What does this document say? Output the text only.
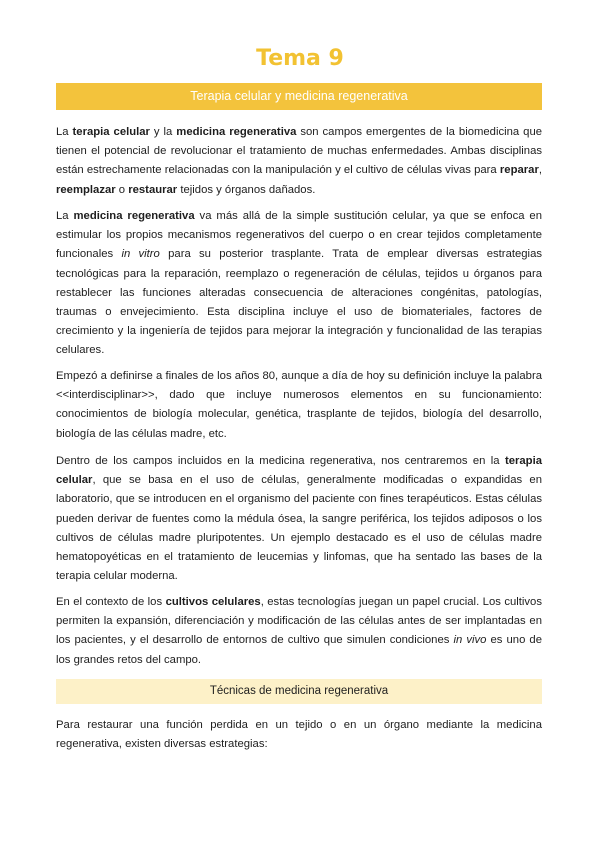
Tema 9
Terapia celular y medicina regenerativa

La terapia celular y la medicina regenerativa son campos emergentes de la biomedicina que tienen el potencial de revolucionar el tratamiento de muchas enfermedades. Ambas disciplinas están estrechamente relacionadas con la manipulación y el cultivo de células vivas para reparar, reemplazar o restaurar tejidos y órganos dañados.

La medicina regenerativa va más allá de la simple sustitución celular, ya que se enfoca en estimular los propios mecanismos regenerativos del cuerpo o en crear tejidos completamente funcionales in vitro para su posterior trasplante. Trata de emplear diversas estrategias tecnológicas para la reparación, reemplazo o regeneración de células, tejidos u órganos para restablecer las funciones alteradas consecuencia de alteraciones congénitas, patologías, traumas o envejecimiento. Esta disciplina incluye el uso de biomateriales, factores de crecimiento y la ingeniería de tejidos para mejorar la integración y funcionalidad de las terapias celulares.

Empezó a definirse a finales de los años 80, aunque a día de hoy su definición incluye la palabra <<interdisciplinar>>, dado que incluye numerosos elementos en su funcionamiento: conocimientos de biología molecular, genética, trasplante de tejidos, biología del desarrollo, biología de las células madre, etc.

Dentro de los campos incluidos en la medicina regenerativa, nos centraremos en la terapia celular, que se basa en el uso de células, generalmente modificadas o expandidas en laboratorio, que se introducen en el organismo del paciente con fines terapéuticos. Estas células pueden derivar de fuentes como la médula ósea, la sangre periférica, los tejidos adiposos o los cultivos de células madre pluripotentes. Un ejemplo destacado es el uso de células madre hematopoyéticas en el tratamiento de leucemias y linfomas, que ha sentado las bases de la terapia celular moderna.

En el contexto de los cultivos celulares, estas tecnologías juegan un papel crucial. Los cultivos permiten la expansión, diferenciación y modificación de las células antes de ser implantadas en los pacientes, y el desarrollo de entornos de cultivo que simulen condiciones in vivo es uno de los grandes retos del campo.

Técnicas de medicina regenerativa

Para restaurar una función perdida en un tejido o en un órgano mediante la medicina regenerativa, existen diversas estrategias:
